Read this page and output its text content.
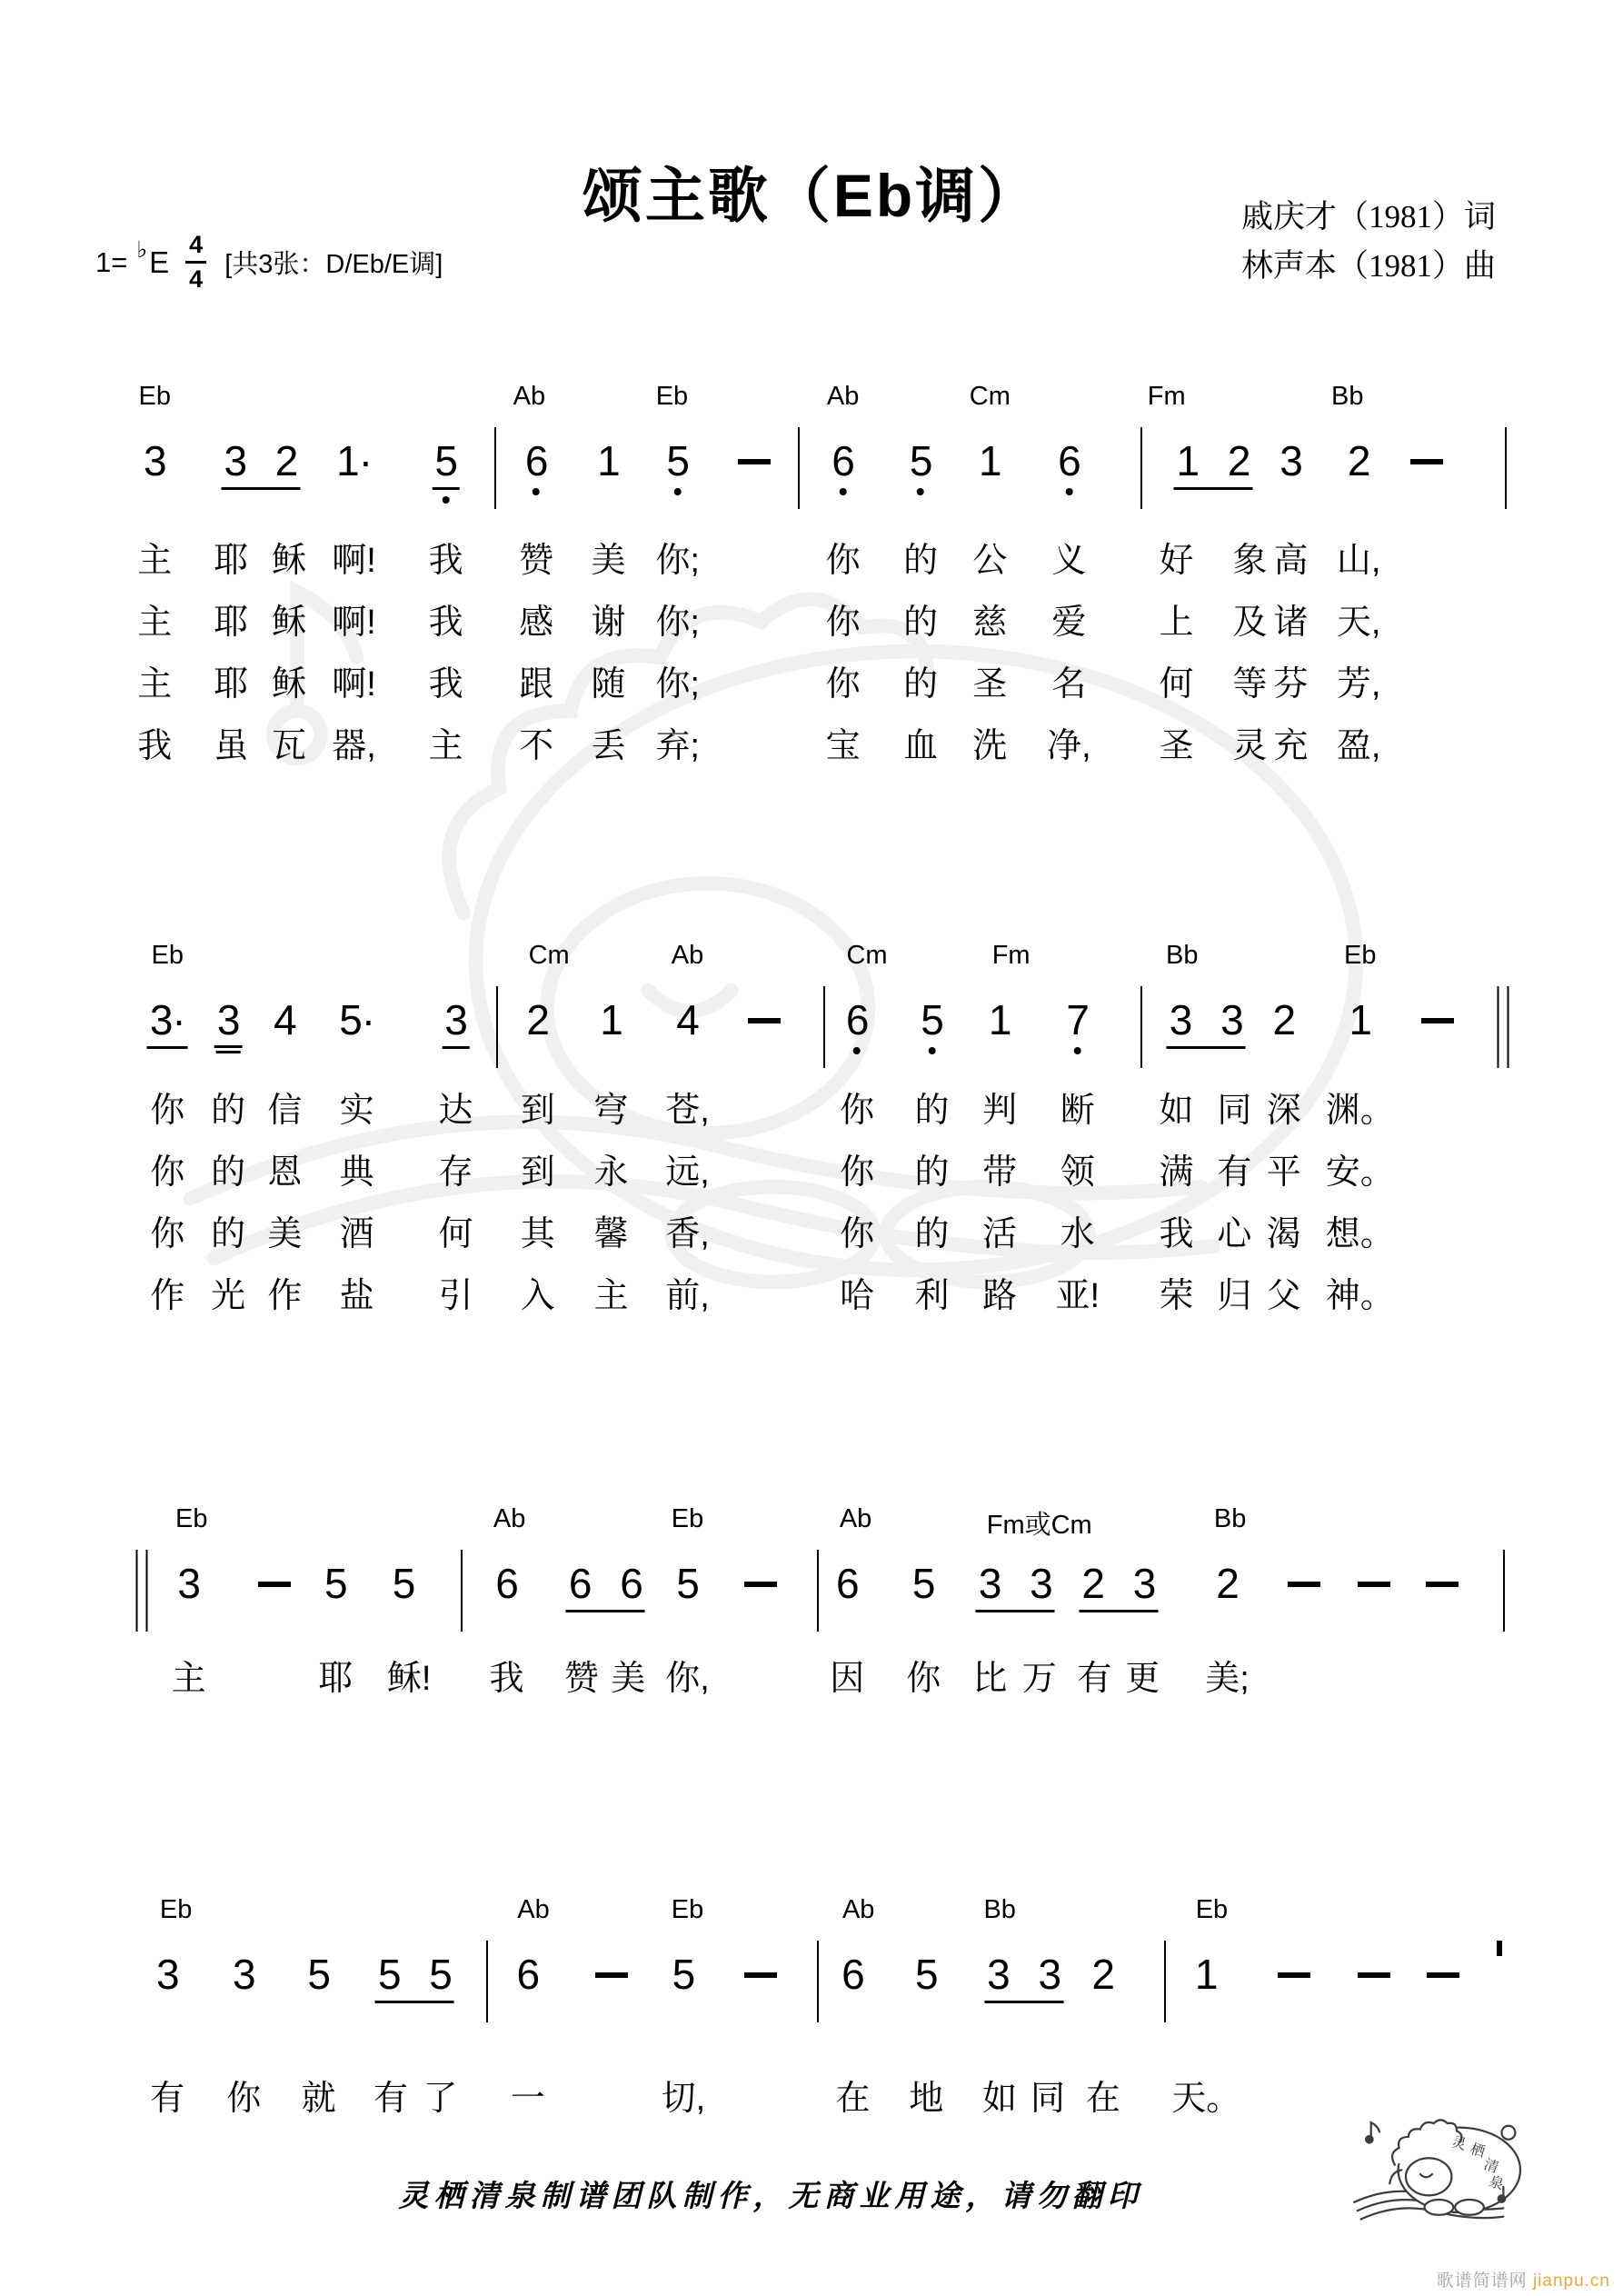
颂主歌（Eb调）	戚庆才（1981）词
林声本（1981）曲
1= ♭ E $\frac{4}{4}$ [共3张：D/Eb/E调]
Eb	Ab	Eb	Ab	Cm	Fm	Bb
3 3 2 1· 5 6 1 5	6 5 1 6 1 2 3 2
主 耶 稣 啊! 我 赞 美 你;	你 的 公 义 好 象 高 山,
主 耶 稣 啊! 我 感 谢 你;	你 的 慈 爱 上 及 诸 天,
主 耶 稣 啊! 我 跟 随 你;	你 的 圣 名 何 等 芬 芳,
我 虽 瓦 器, 主 不 丢 弃;	宝 血 洗 净, 圣 灵 充 盈,
Eb	Cm	Ab	Cm	Fm	Bb	Eb
3· 3 4 5· 3 2 1 4	6 5 1 7 3 3 2 1
你 的 信 实 达 到 穹 苍,	你 的 判 断 如 同 深 渊。
你 的 恩 典 存 到 永 远,	你 的 带 领 满 有 平 安。
你 的 美 酒 何 其 馨 香,	你 的 活 水 我 心 渴 想。
作 光 作 盐 引 入 主 前,	哈 利 路 亚! 荣 归 父 神。
Eb	Ab	Eb	Ab	Fm或Cm	Bb
3	5 5 6 6 6 5	6 5 3 3 2 3 2
主	耶 稣! 我 赞 美 你,	因 你 比 万 有 更 美;
Eb	Ab	Eb	Ab	Bb	Eb
3 3 5 5 5 6	5	6 5 3 3 2 1
有 你 就 有 了 一	切,	在 地 如 同 在 天。
灵栖清泉制谱团队制作，无商业用途，请勿翻印
灵 栖
清
泉
歌谱简谱网 jianpu.cn
